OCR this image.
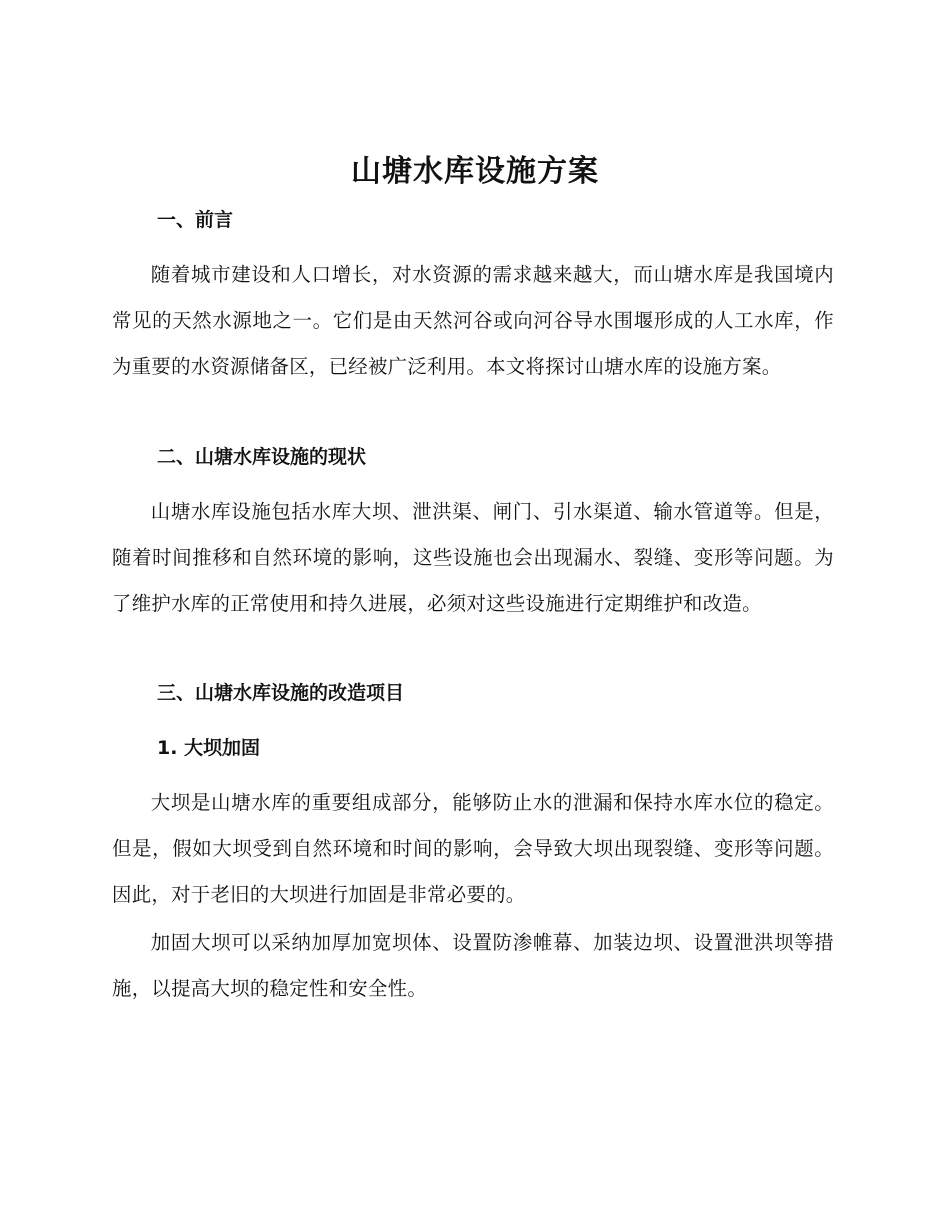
山塘水库设施方案
一、前言
随着城市建设和人口增长，对水资源的需求越来越大，而山塘水库是我国境内常见的天然水源地之一。它们是由天然河谷或向河谷导水围堰形成的人工水库，作为重要的水资源储备区，已经被广泛利用。本文将探讨山塘水库的设施方案。
二、山塘水库设施的现状
山塘水库设施包括水库大坝、泄洪渠、闸门、引水渠道、输水管道等。但是，随着时间推移和自然环境的影响，这些设施也会出现漏水、裂缝、变形等问题。为了维护水库的正常使用和持久进展，必须对这些设施进行定期维护和改造。
三、山塘水库设施的改造项目
1. 大坝加固
大坝是山塘水库的重要组成部分，能够防止水的泄漏和保持水库水位的稳定。但是，假如大坝受到自然环境和时间的影响，会导致大坝出现裂缝、变形等问题。因此，对于老旧的大坝进行加固是非常必要的。
加固大坝可以采纳加厚加宽坝体、设置防渗帷幕、加装边坝、设置泄洪坝等措施，以提高大坝的稳定性和安全性。
